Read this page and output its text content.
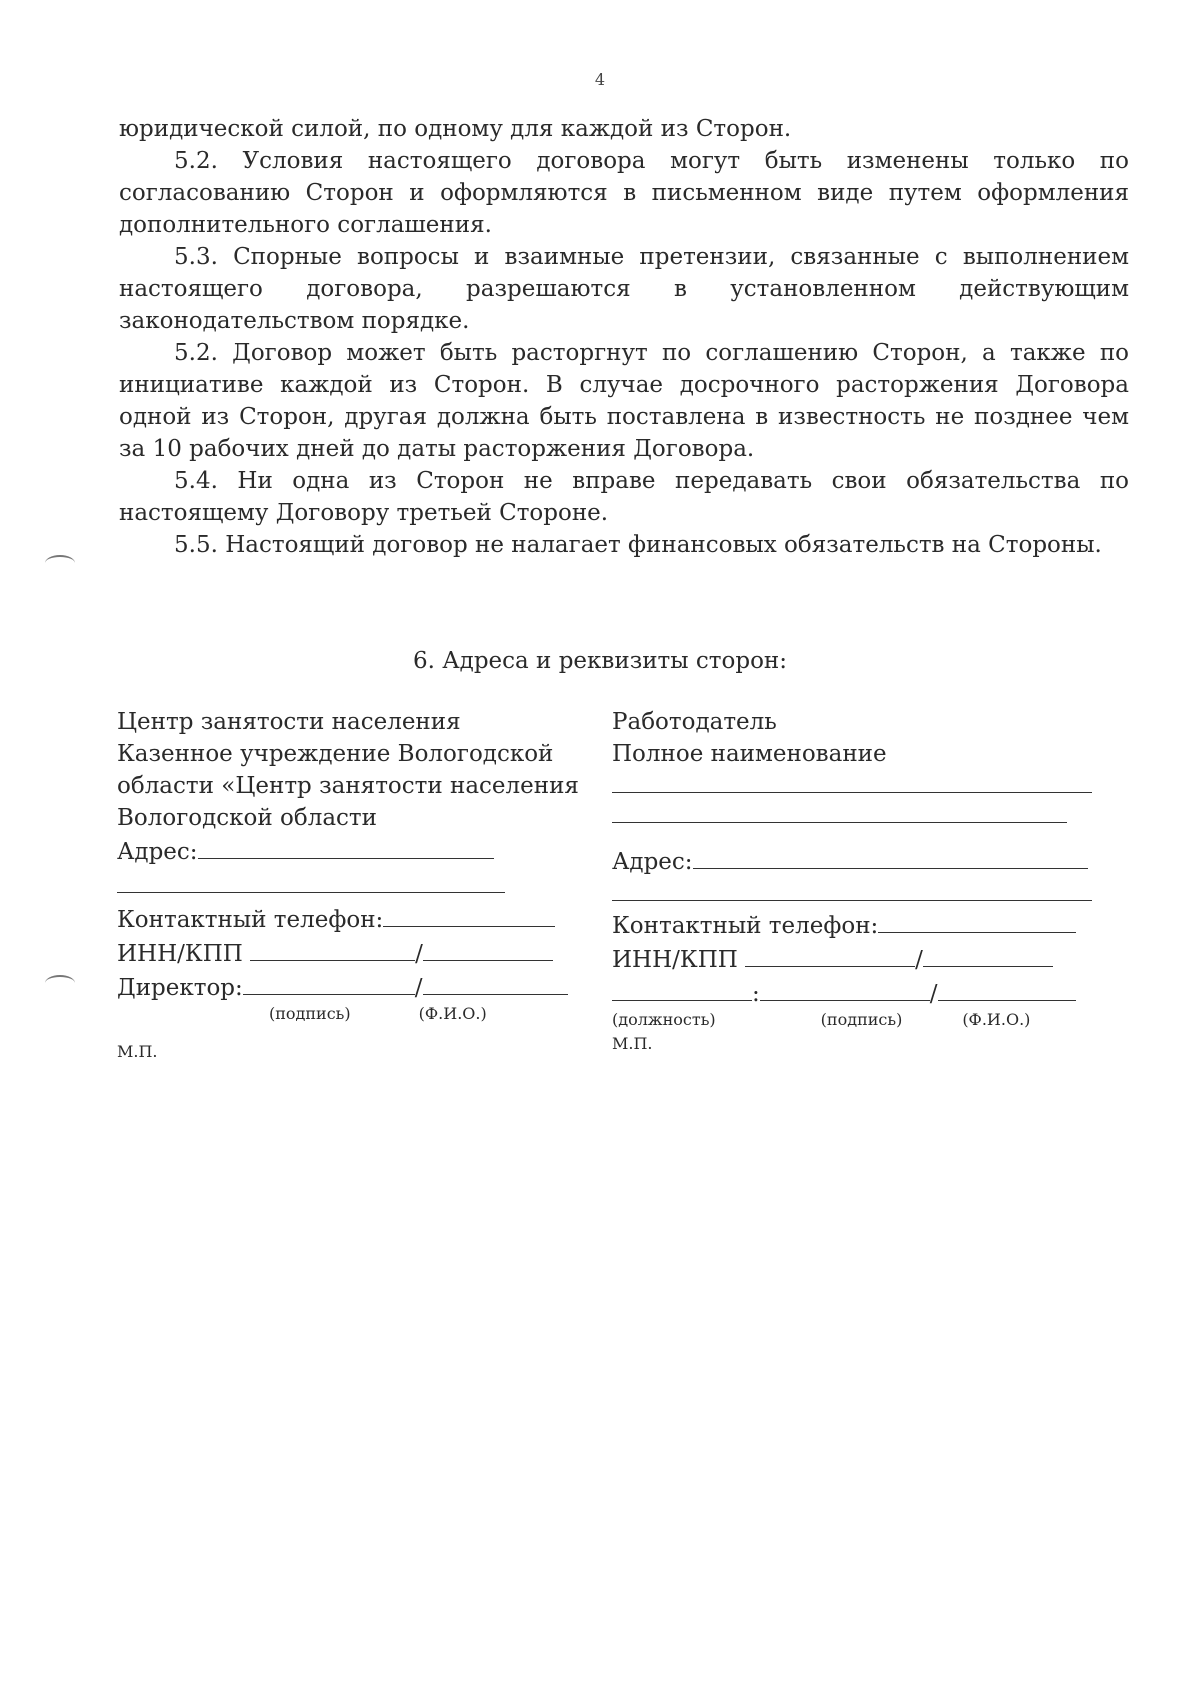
4

юридической силой, по одному для каждой из Сторон.

5.2. Условия настоящего договора могут быть изменены только по согласованию Сторон и оформляются в письменном виде путем оформления дополнительного соглашения.

5.3. Спорные вопросы и взаимные претензии, связанные с выполнением настоящего договора, разрешаются в установленном действующим законодательством порядке.

5.2. Договор может быть расторгнут по соглашению Сторон, а также по инициативе каждой из Сторон. В случае досрочного расторжения Договора одной из Сторон, другая должна быть поставлена в известность не позднее чем за 10 рабочих дней до даты расторжения Договора.

5.4. Ни одна из Сторон не вправе передавать свои обязательства по настоящему Договору третьей Стороне.

5.5. Настоящий договор не налагает финансовых обязательств на Стороны.

6. Адреса и реквизиты сторон:
Центр занятости населения
Казенное учреждение Вологодской
области «Центр занятости населения
Вологодской области
Адрес:
Контактный телефон:
ИНН/КПП	/
Директор:	/
(подпись)	(Ф.И.О.)
М.П.
Работодатель
Полное наименование
Адрес:
Контактный телефон:
ИНН/КПП	/
:	/
(должность)	(подпись)	(Ф.И.О.)
М.П.
